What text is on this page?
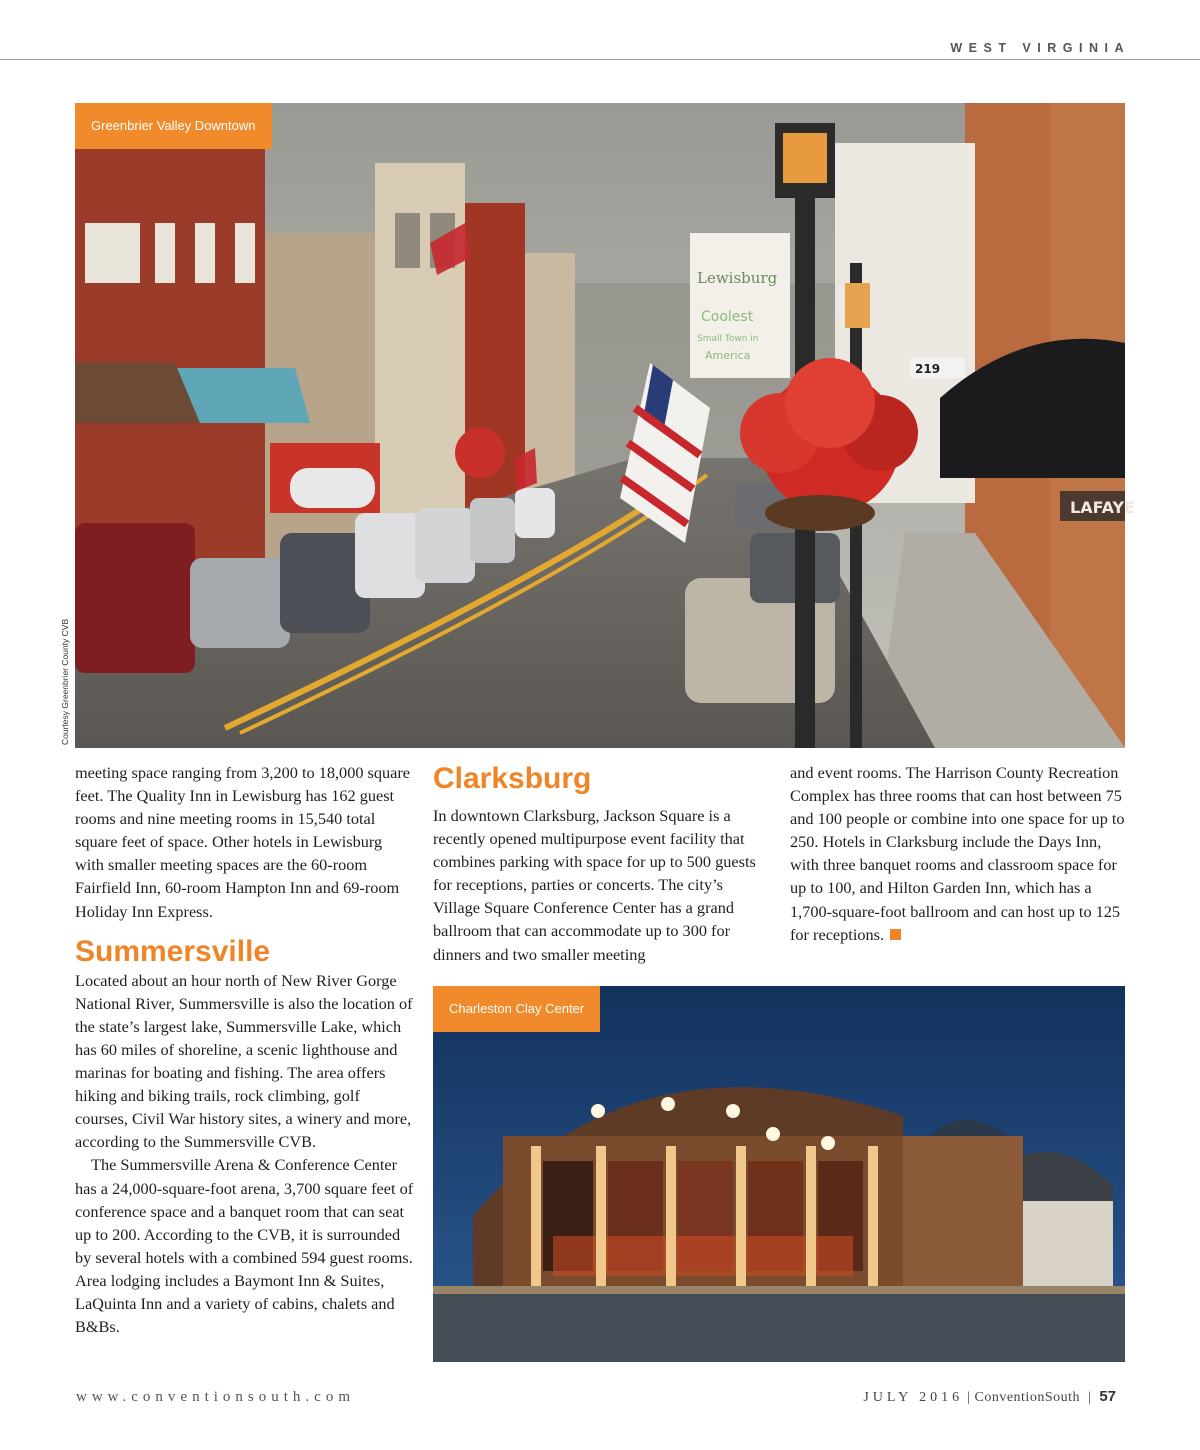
WEST VIRGINIA
LAFAYE
Lewisburg
Coolest
Small Town in
America
219
Greenbrier Valley Downtown
Courtesy Greenbrier County CVB

meeting space ranging from 3,200 to 18,000 square feet. The Quality Inn in Lewisburg has 162 guest rooms and nine meeting rooms in 15,540 total square feet of space. Other hotels in Lewisburg with smaller meeting spaces are the 60-room Fairfield Inn, 60-room Hampton Inn and 69-room Holiday Inn Express.

Summersville

Located about an hour north of New River Gorge National River, Summersville is also the location of the state’s largest lake, Summersville Lake, which has 60 miles of shoreline, a scenic lighthouse and marinas for boating and fishing. The area offers hiking and biking trails, rock climbing, golf courses, Civil War history sites, a winery and more, according to the Summersville CVB.

The Summersville Arena & Conference Center has a 24,000-square-foot arena, 3,700 square feet of conference space and a banquet room that can seat up to 200. According to the CVB, it is surrounded by several hotels with a combined 594 guest rooms. Area lodging includes a Baymont Inn & Suites, LaQuinta Inn and a variety of cabins, chalets and B&Bs.

Clarksburg

In downtown Clarksburg, Jackson Square is a recently opened multipurpose event facility that combines parking with space for up to 500 guests for receptions, parties or concerts. The city’s Village Square Conference Center has a grand ballroom that can accommodate up to 300 for dinners and two smaller meeting

and event rooms. The Harrison County Recreation Complex has three rooms that can host between 75 and 100 people or combine into one space for up to 250. Hotels in Clarksburg include the Days Inn, with three banquet rooms and classroom space for up to 100, and Hilton Garden Inn, which has a 1,700-square-foot ballroom and can host up to 125 for receptions.

Charleston Clay Center
www.conventionsouth.com	JULY 2016 | ConventionSouth | 57
